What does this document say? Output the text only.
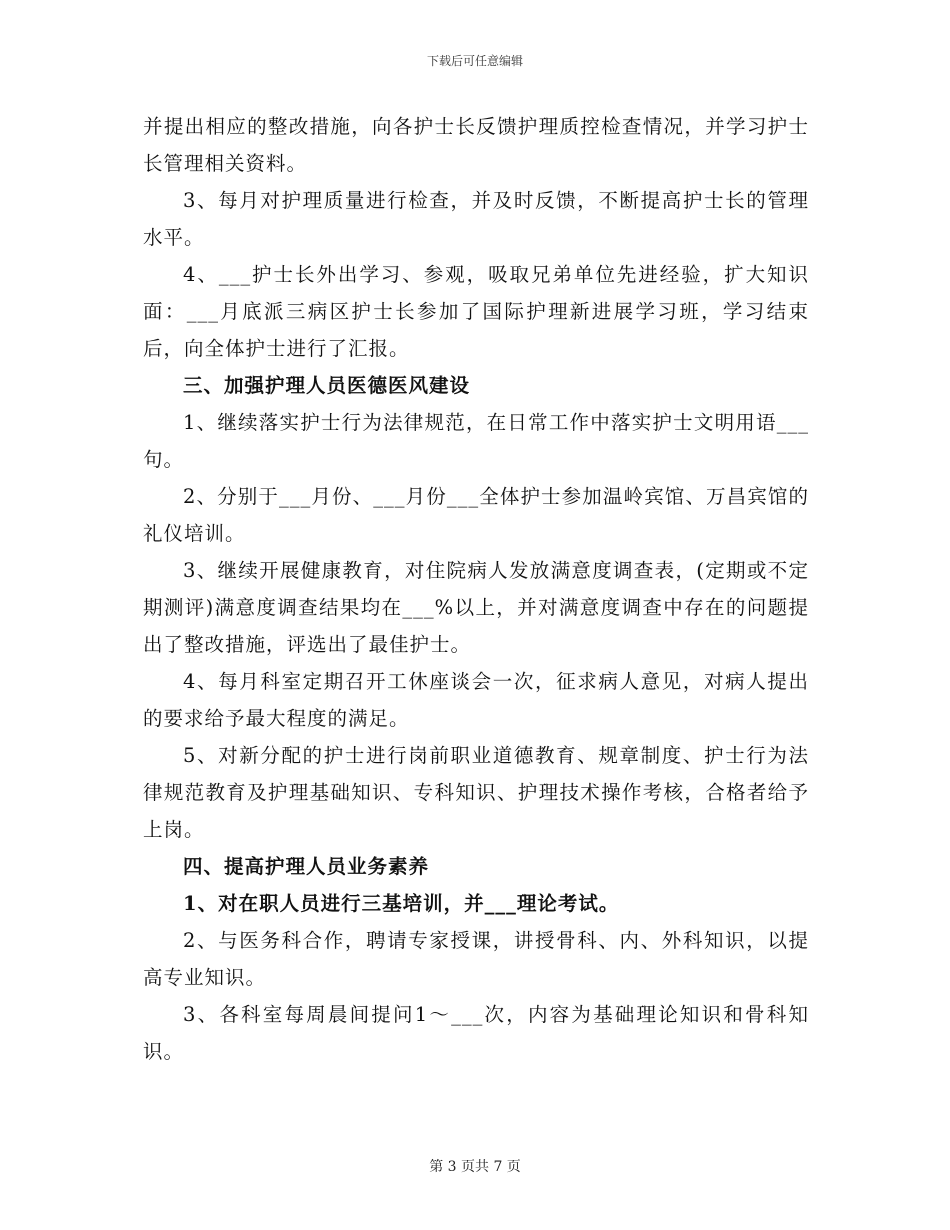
下载后可任意编辑

并提出相应的整改措施，向各护士长反馈护理质控检查情况，并学习护士长管理相关资料。

3、每月对护理质量进行检查，并及时反馈，不断提高护士长的管理水平。

4、___护士长外出学习、参观，吸取兄弟单位先进经验，扩大知识面：___月底派三病区护士长参加了国际护理新进展学习班，学习结束后，向全体护士进行了汇报。

三、加强护理人员医德医风建设

1、继续落实护士行为法律规范，在日常工作中落实护士文明用语___句。

2、分别于___月份、___月份___全体护士参加温岭宾馆、万昌宾馆的礼仪培训。

3、继续开展健康教育，对住院病人发放满意度调查表，(定期或不定期测评)满意度调查结果均在___%以上，并对满意度调查中存在的问题提出了整改措施，评选出了最佳护士。

4、每月科室定期召开工休座谈会一次，征求病人意见，对病人提出的要求给予最大程度的满足。

5、对新分配的护士进行岗前职业道德教育、规章制度、护士行为法律规范教育及护理基础知识、专科知识、护理技术操作考核，合格者给予上岗。

四、提高护理人员业务素养

1、对在职人员进行三基培训，并___理论考试。

2、与医务科合作，聘请专家授课，讲授骨科、内、外科知识，以提高专业知识。

3、各科室每周晨间提问1～___次，内容为基础理论知识和骨科知识。

第 3 页共 7 页
